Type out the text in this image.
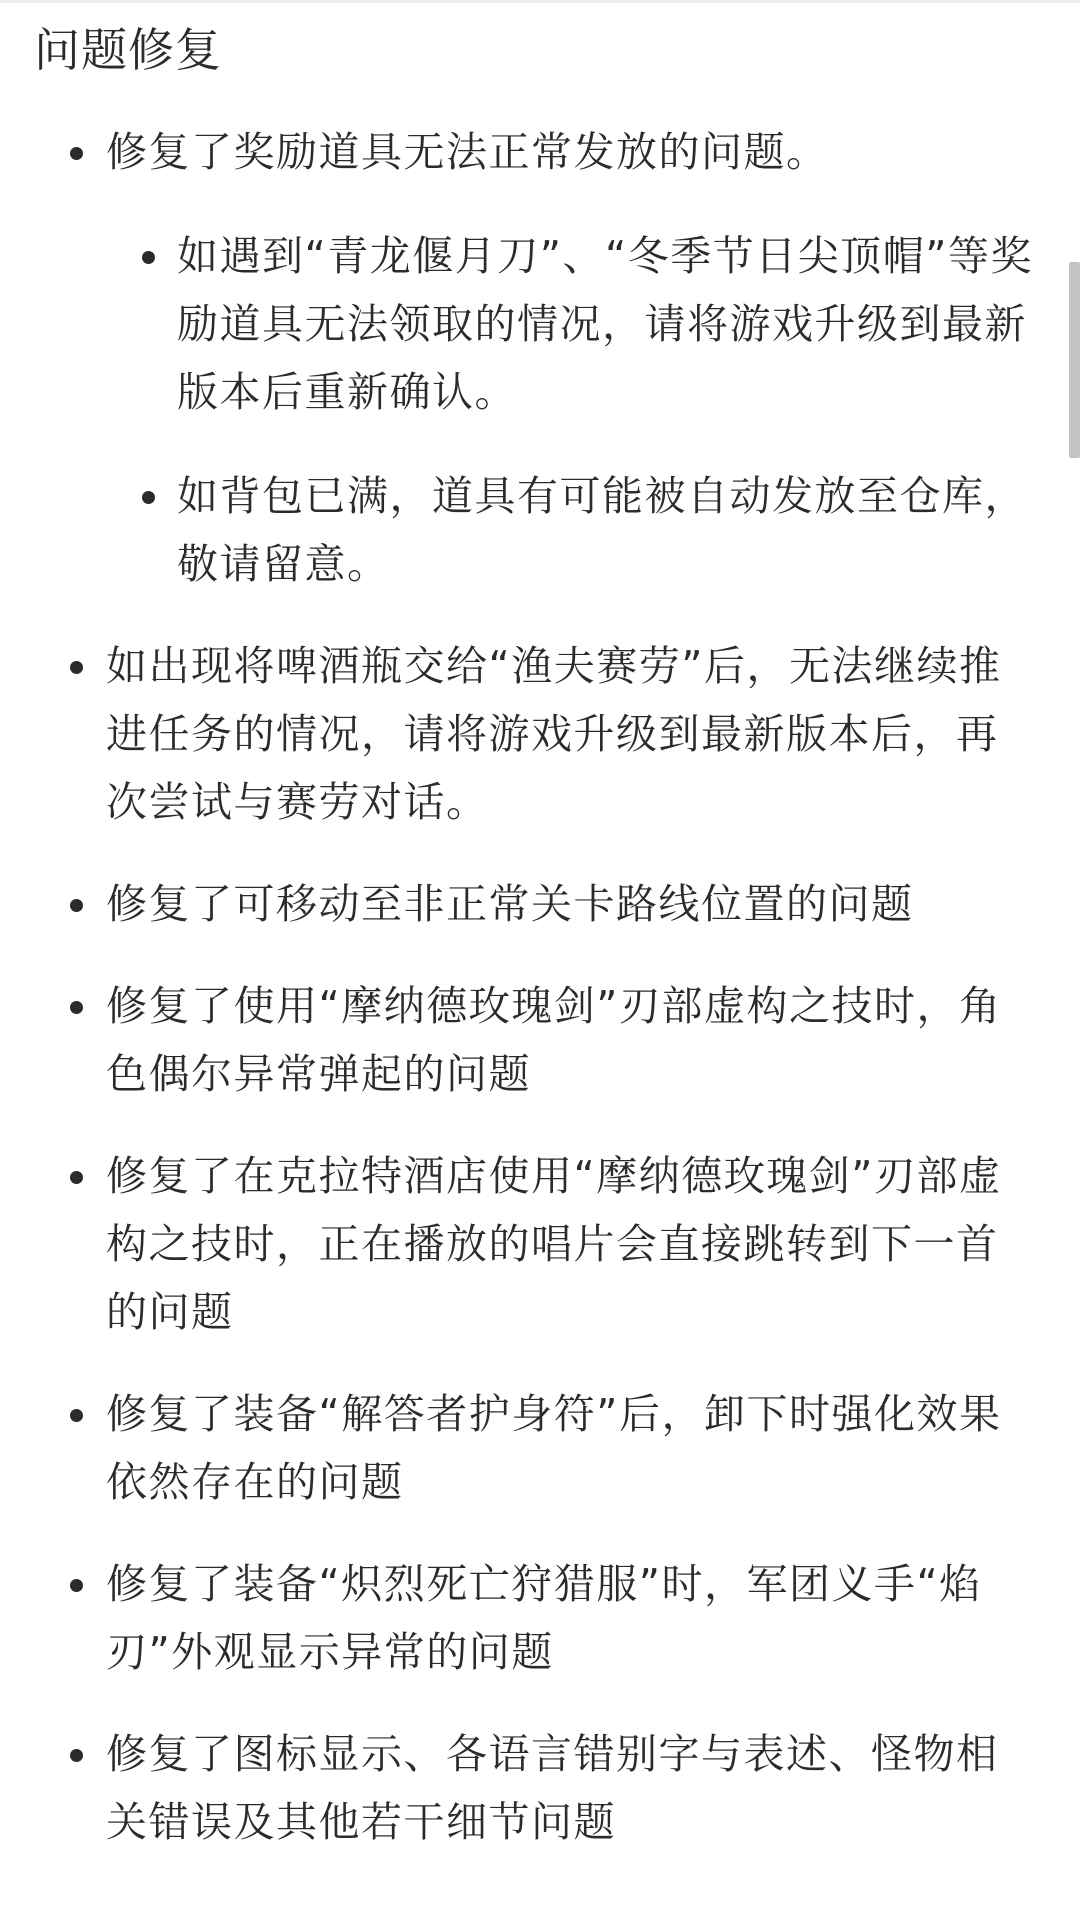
问题修复
修复了奖励道具无法正常发放的问题。
如遇到“青龙偃月刀”、“冬季节日尖顶帽”等奖励道具无法领取的情况，请将游戏升级到最新版本后重新确认。
如背包已满，道具有可能被自动发放至仓库，敬请留意。
如出现将啤酒瓶交给“渔夫赛劳”后，无法继续推进任务的情况，请将游戏升级到最新版本后，再次尝试与赛劳对话。
修复了可移动至非正常关卡路线位置的问题
修复了使用“摩纳德玫瑰剑”刃部虚构之技时，角色偶尔异常弹起的问题
修复了在克拉特酒店使用“摩纳德玫瑰剑”刃部虚构之技时，正在播放的唱片会直接跳转到下一首的问题
修复了装备“解答者护身符”后，卸下时强化效果依然存在的问题
修复了装备“炽烈死亡狩猎服”时，军团义手“焰刃”外观显示异常的问题
修复了图标显示、各语言错别字与表述、怪物相关错误及其他若干细节问题
